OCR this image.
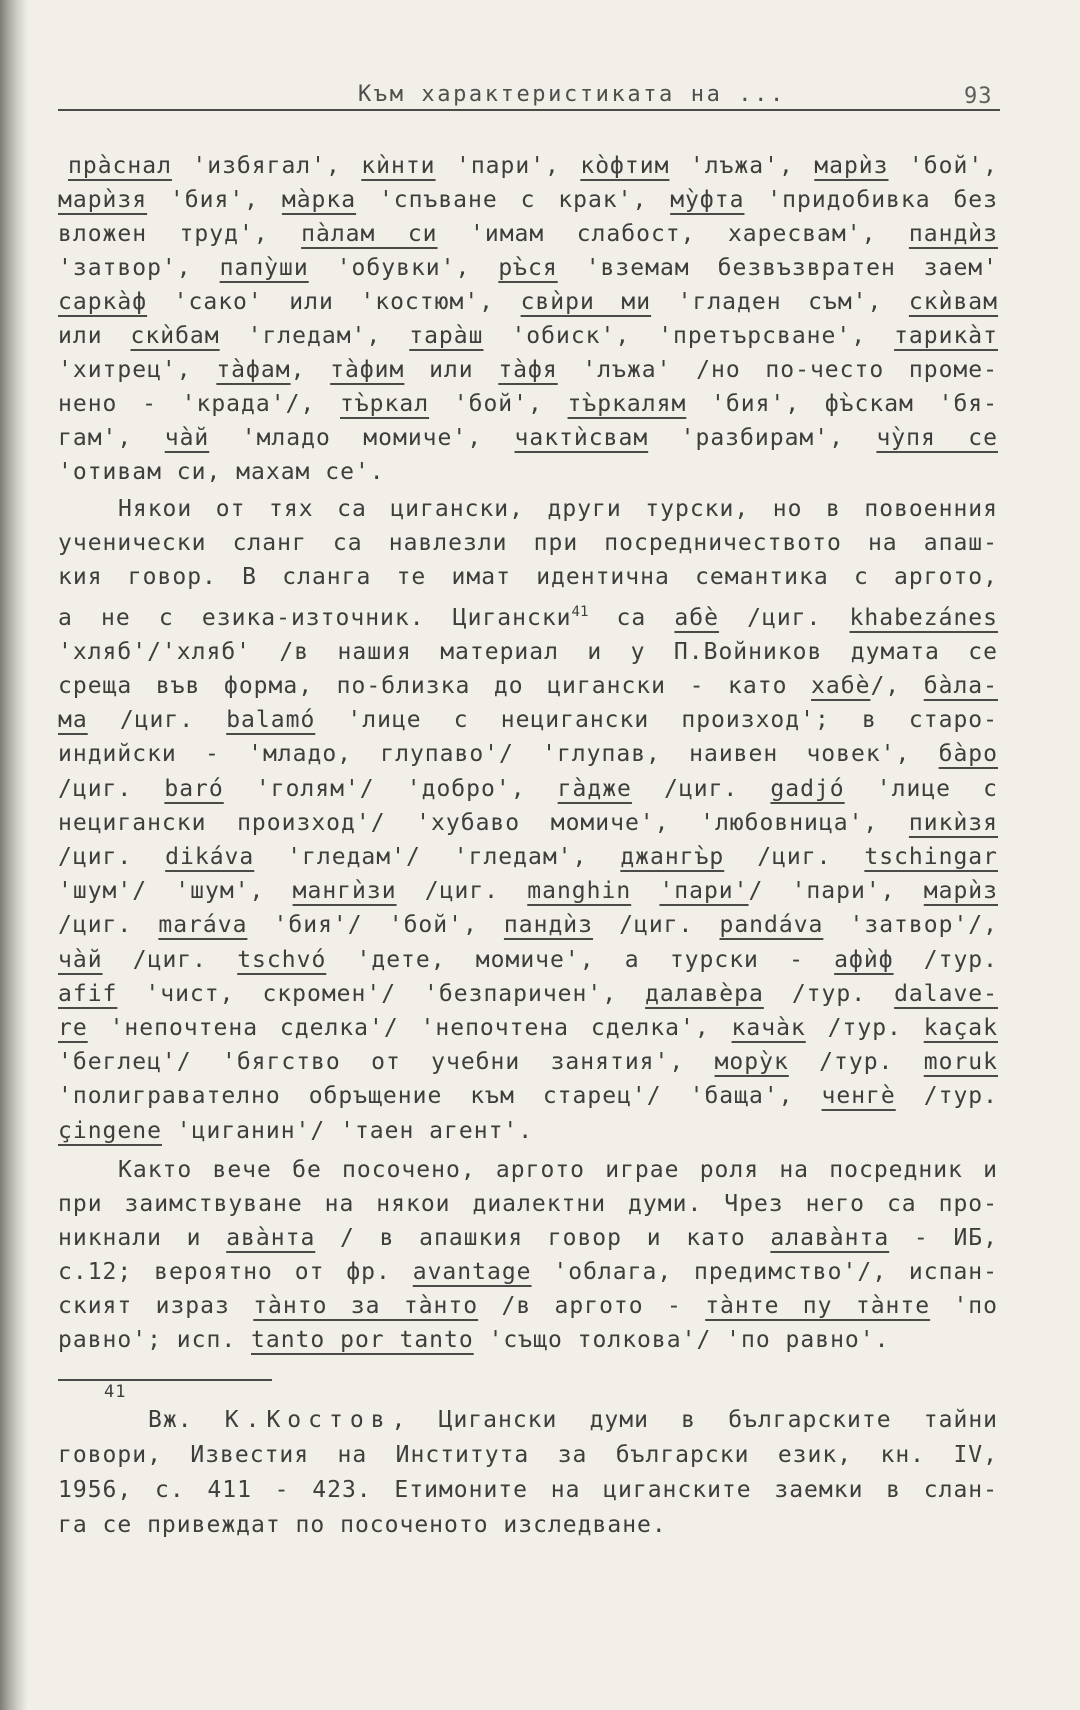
Към характеристиката на ...	93
пра̀снал 'избягал', кѝнти 'пари', ко̀фтим 'лъжа', марѝз 'бой',
марѝзя 'бия', ма̀рка 'спъване с крак', му̀фта 'придобивка без
вложен труд', па̀лам си 'имам слабост, харесвам', пандѝз
'затвор', папу̀ши 'обувки', ръ̀ся 'вземам безвъзвратен заем'
сарка̀ф 'сако' или 'костюм', свѝри ми 'гладен съм', скѝвам
или скѝбам 'гледам', тара̀ш 'обиск', 'претърсване', тарика̀т
'хитрец', та̀фам, та̀фим или та̀фя 'лъжа' /но по-често проме-
нено - 'крада'/, тъ̀ркал 'бой', тъ̀ркалям 'бия', фъ̀скам 'бя-
гам', ча̀й 'младо момиче', чактѝсвам 'разбирам', чу̀пя се
'отивам си, махам се'.
Някои от тях са цигански, други турски, но в повоенния
ученически сланг са навлезли при посредничеството на апаш-
кия говор. В сланга те имат идентична семантика с аргото,
а не с езика-източник. Цигански$^{41}$ са абѐ /циг. khabezánes
'хляб'/'хляб' /в нашия материал и у П.Войников думата се
среща във форма, по-близка до цигански - като хабѐ/, ба̀ла-
ма /циг. balamó 'лице с нецигански произход'; в старо-
индийски - 'младо, глупаво'/ 'глупав, наивен човек', ба̀ро
/циг. baró 'голям'/ 'добро', га̀дже /циг. gadjó 'лице с
нецигански произход'/ 'хубаво момиче', 'любовница', пикѝзя
/циг. dikáva 'гледам'/ 'гледам', джангъ̀р /циг. tschingar
'шум'/ 'шум', мангѝзи /циг. manghin 'пари'/ 'пари', марѝз
/циг. maráva 'бия'/ 'бой', пандѝз /циг. pandáva 'затвор'/,
ча̀й /циг. tschvó 'дете, момиче', а турски - афѝф /тур.
afif 'чист, скромен'/ 'безпаричен', далавѐра /тур. dalave-
re 'непочтена сделка'/ 'непочтена сделка', кача̀к /тур. kaçak
'беглец'/ 'бягство от учебни занятия', мору̀к /тур. moruk
'полигравателно обръщение към старец'/ 'баща', ченгѐ /тур.
çingene 'циганин'/ 'таен агент'.
Както вече бе посочено, аргото играе роля на посредник и
при заимствуване на някои диалектни думи. Чрез него са про-
никнали и ава̀нта / в апашкия говор и като алава̀нта - ИБ,
с.12; вероятно от фр. avantage 'облага, предимство'/, испан-
ският израз та̀нто за та̀нто /в аргото - та̀нте пу та̀нте 'по
равно'; исп. tanto por tanto 'също толкова'/ 'по равно'.
41
Вж. К.Костов, Цигански думи в българските тайни
говори, Известия на Института за български език, кн. IV,
1956, с. 411 - 423. Етимоните на циганските заемки в слан-
га се привеждат по посоченото изследване.
